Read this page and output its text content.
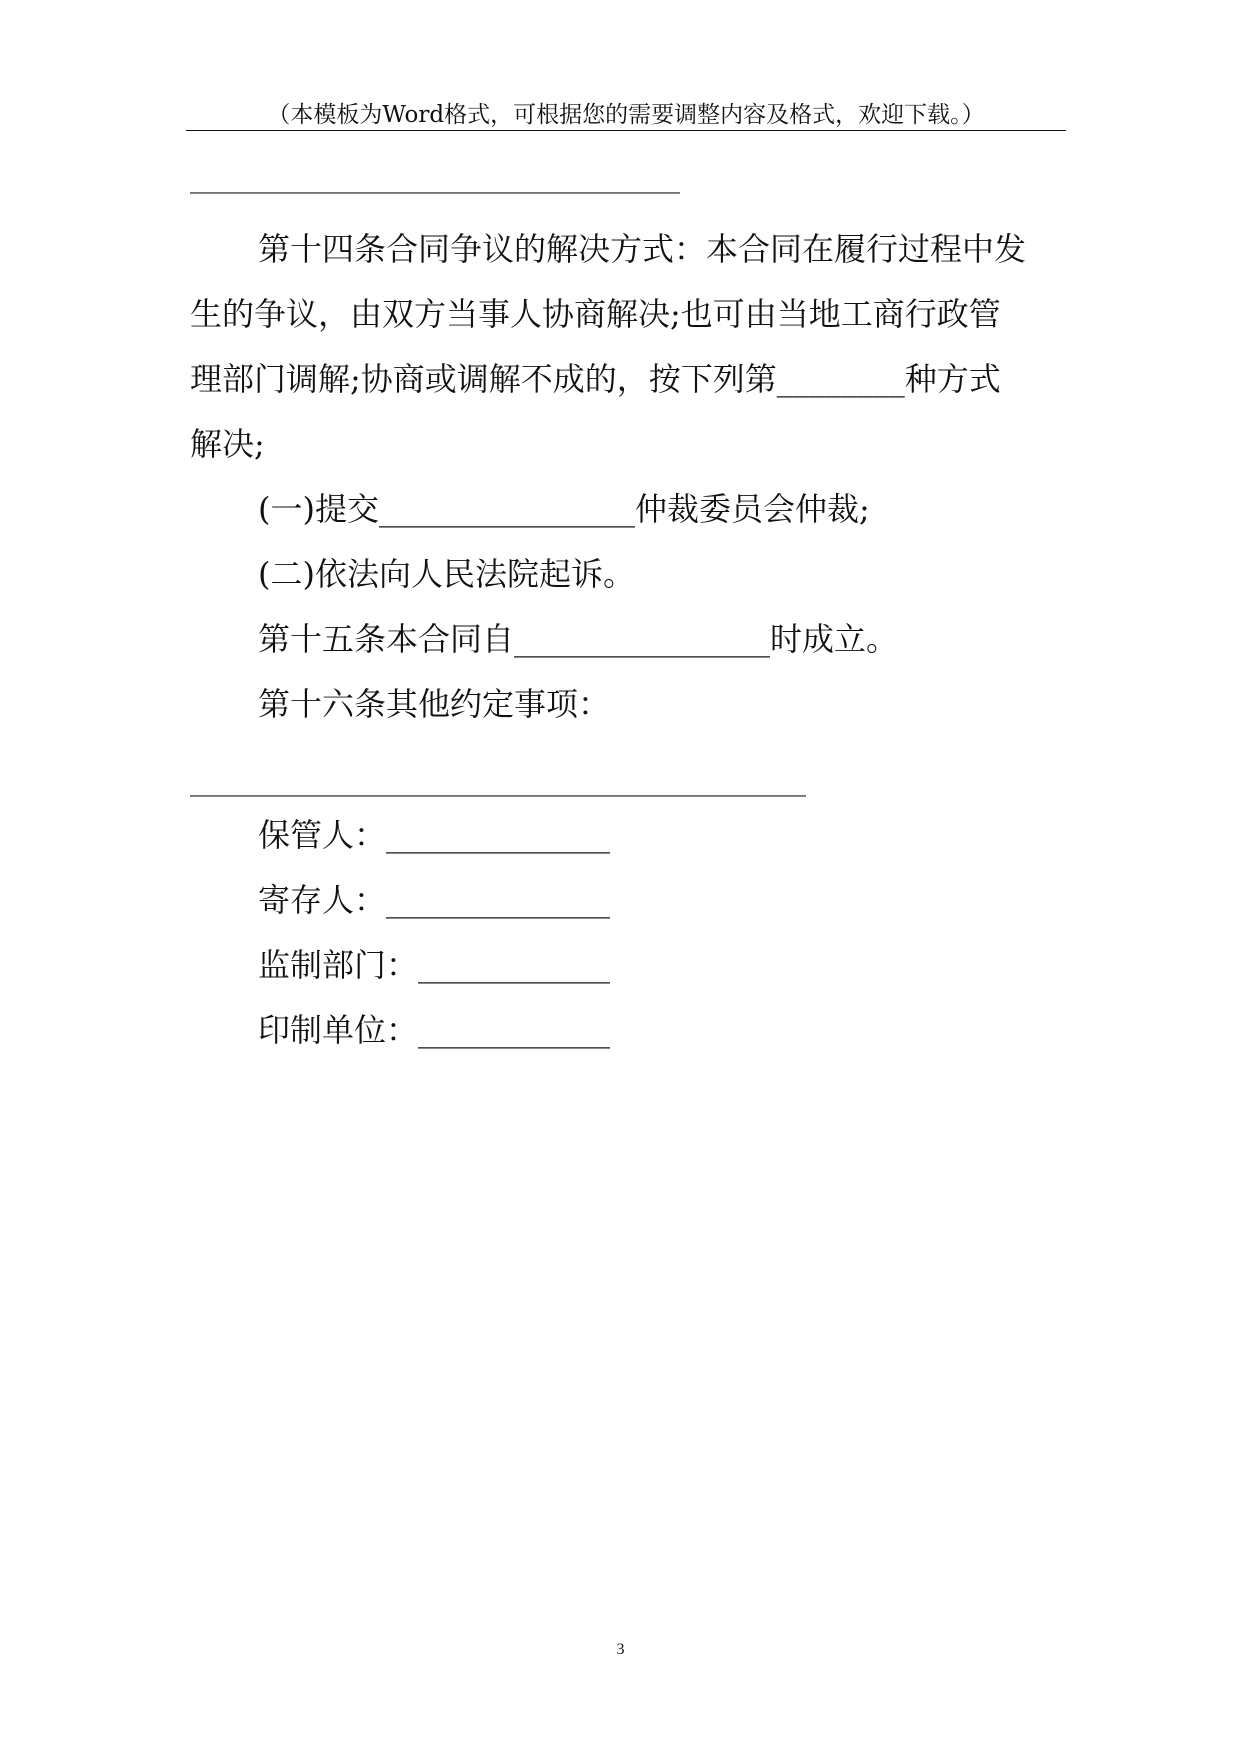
（本模板为Word格式，可根据您的需要调整内容及格式，欢迎下载。）
___________________________________
第十四条合同争议的解决方式：本合同在履行过程中发
生的争议，由双方当事人协商解决;也可由当地工商行政管
理部门调解;协商或调解不成的，按下列第________种方式
解决;
(一)提交________________仲裁委员会仲裁;
(二)依法向人民法院起诉。
第十五条本合同自________________时成立。
第十六条其他约定事项：
____________________________________________
保管人：______________
寄存人：______________
监制部门：____________
印制单位：____________
3
